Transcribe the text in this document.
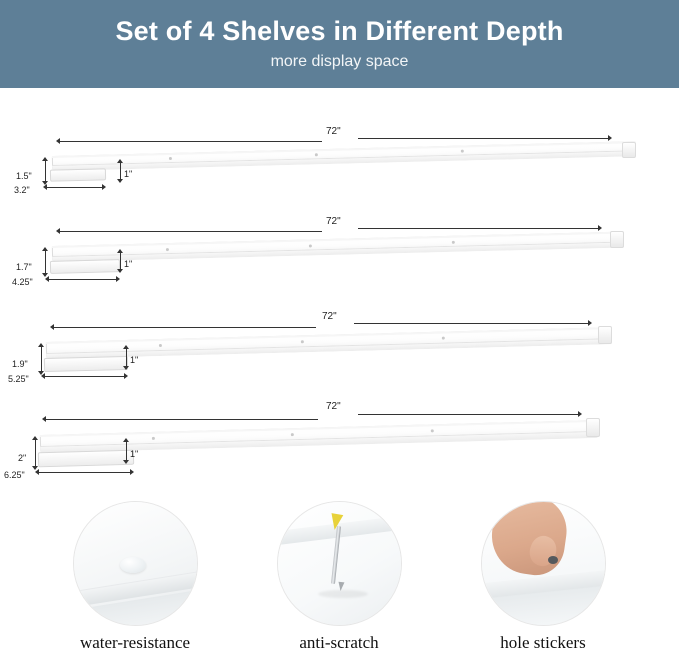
Set of 4 Shelves in Different Depth
more display space
72"
1.5"
3.2"
1"
72"
1.7"
4.25"
1"
72"
1.9"
5.25"
1"
72"
2"
6.25"
1"
water-resistance	anti-scratch	hole stickers
